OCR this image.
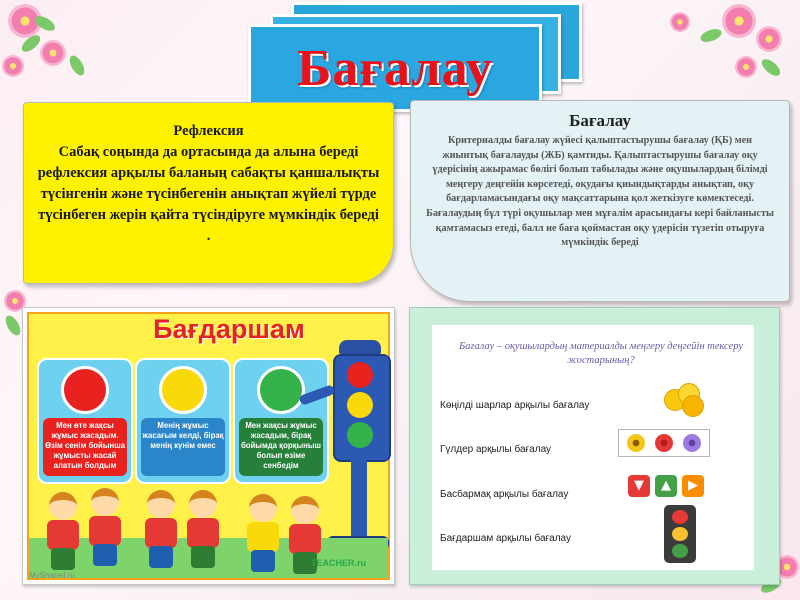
Бағалау
Рефлексия
Сабақ соңында да ортасында да алына береді рефлексия арқылы баланың сабақты қаншалықты түсінгенін және түсінбегенін анықтап жүйелі түрде түсінбеген жерін қайта түсіндіруге мүмкіндік береді .
Бағалау
Критериалды бағалау жүйесі қалыптастырушы бағалау (ҚБ) мен жиынтық бағалауды (ЖБ) қамтиды. Қалыптастырушы бағалау оқу үдерісінің ажырамас бөлігі болып табылады және оқушылардың білімді меңгеру деңгейін көрсетеді, оқудағы қиындықтарды анықтап, оқу бағдарламасындағы оқу мақсаттарына қол жеткізуге көмектеседі. Бағалаудың бұл түрі оқушылар мен мұғалім арасындағы кері байланысты қамтамасыз етеді, балл не баға қоймастан оқу үдерісін түзетіп отыруға мүмкіндік береді
Бағдаршам
Мен өте жақсы жұмыс жасадым. Өзім сенім бойынша жұмысты жасай алатын болдым
Менің жұмыс жасағым келді, бірақ менің күнім емес
Мен жақсы жұмыс жасадым, бірақ бойымда қорқыныш болып өзіме сенбедім
TEACHER.ru
MyShared.ru
Бағалау – оқушылардың материалды меңгеру деңгейін тексеру жостарының?
Көңілді шарлар арқылы бағалау
Гүлдер арқылы бағалау
Басбармақ арқылы бағалау
▼	▲	▶
Бағдаршам арқылы бағалау
